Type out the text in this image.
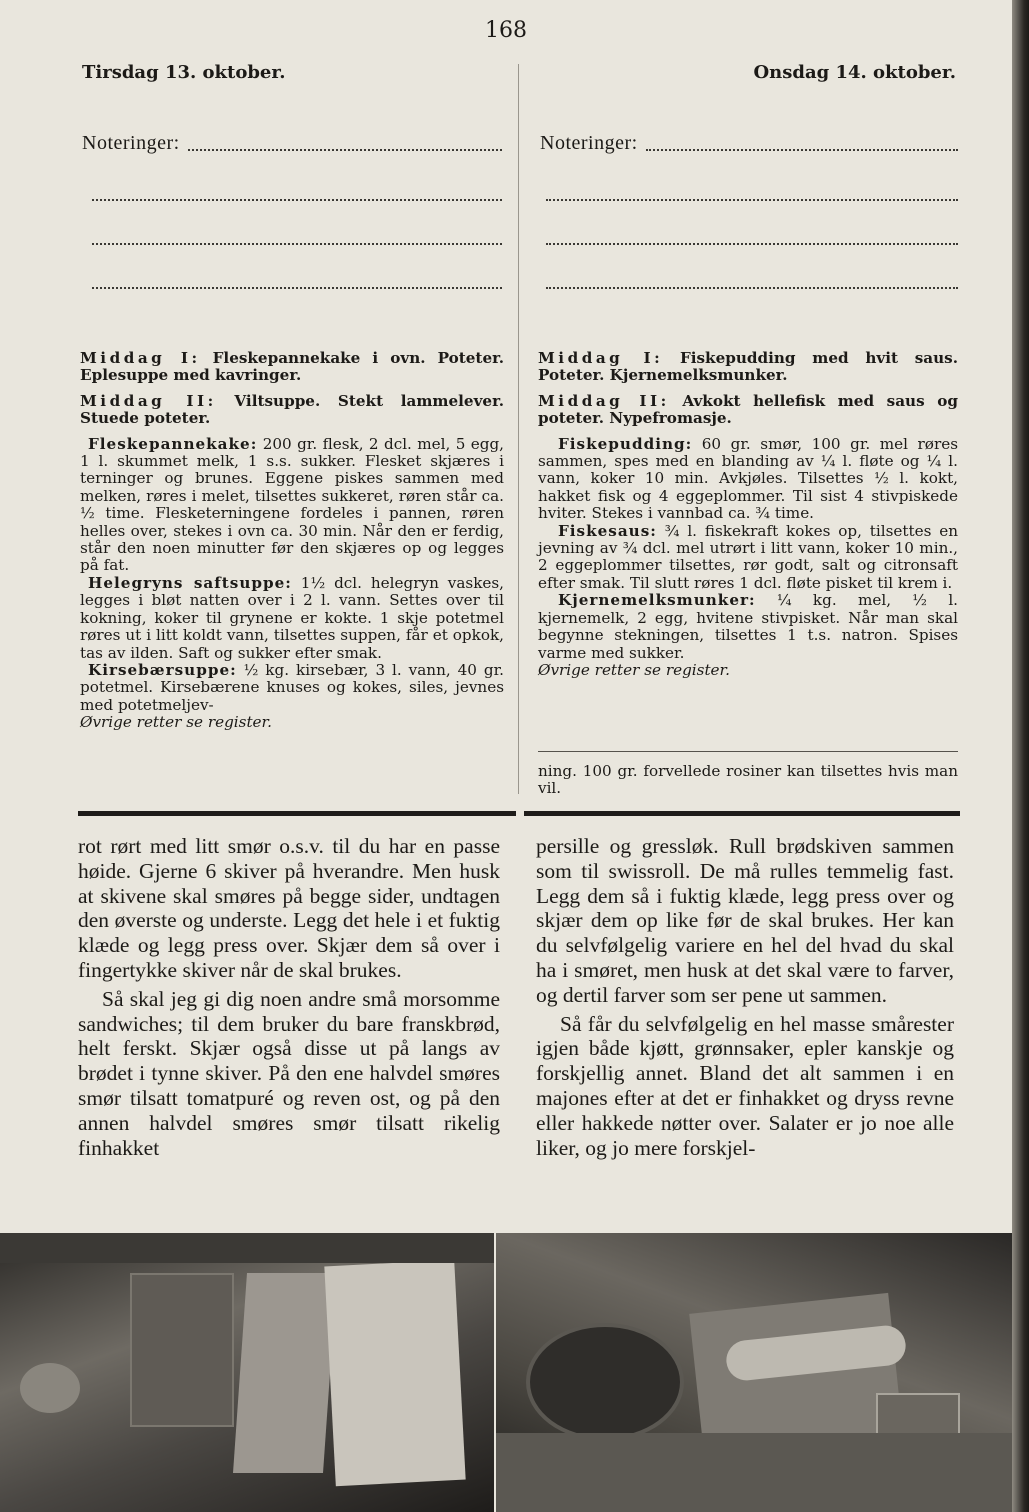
168
Tirsdag 13. oktober.	Onsdag 14. oktober.
Noteringer:	Noteringer:

Middag I: Fleskepannekake i ovn. Poteter. Eplesuppe med kavringer.

Middag II: Viltsuppe. Stekt lammelever. Stuede poteter.

Fleskepannekake: 200 gr. flesk, 2 dcl. mel, 5 egg, 1 l. skummet melk, 1 s.s. sukker. Flesket skjæres i terninger og brunes. Eggene piskes sammen med melken, røres i melet, tilsettes sukkeret, røren står ca. ½ time. Flesketerningene fordeles i pannen, røren helles over, stekes i ovn ca. 30 min. Når den er ferdig, står den noen minutter før den skjæres op og legges på fat.

Helegryns saftsuppe: 1½ dcl. helegryn vaskes, legges i bløt natten over i 2 l. vann. Settes over til kokning, koker til grynene er kokte. 1 skje potetmel røres ut i litt koldt vann, tilsettes suppen, får et opkok, tas av ilden. Saft og sukker efter smak.

Kirsebærsuppe: ½ kg. kirsebær, 3 l. vann, 40 gr. potetmel. Kirsebærene knuses og kokes, siles, jevnes med potetmeljev-

Øvrige retter se register.

Middag I: Fiskepudding med hvit saus. Poteter. Kjernemelksmunker.

Middag II: Avkokt hellefisk med saus og poteter. Nypefromasje.

Fiskepudding: 60 gr. smør, 100 gr. mel røres sammen, spes med en blanding av ¼ l. fløte og ¼ l. vann, koker 10 min. Avkjøles. Tilsettes ½ l. kokt, hakket fisk og 4 eggeplommer. Til sist 4 stivpiskede hviter. Stekes i vannbad ca. ¾ time.

Fiskesaus: ¾ l. fiskekraft kokes op, tilsettes en jevning av ¾ dcl. mel utrørt i litt vann, koker 10 min., 2 eggeplommer tilsettes, rør godt, salt og citronsaft efter smak. Til slutt røres 1 dcl. fløte pisket til krem i.

Kjernemelksmunker: ¼ kg. mel, ½ l. kjernemelk, 2 egg, hvitene stivpisket. Når man skal begynne stekningen, tilsettes 1 t.s. natron. Spises varme med sukker.

Øvrige retter se register.

ning. 100 gr. forvellede rosiner kan tilsettes hvis man vil.

rot rørt med litt smør o.s.v. til du har en passe høide. Gjerne 6 skiver på hverandre. Men husk at skivene skal smøres på begge sider, undtagen den øverste og underste. Legg det hele i et fuktig klæde og legg press over. Skjær dem så over i fingertykke skiver når de skal brukes.

Så skal jeg gi dig noen andre små morsomme sandwiches; til dem bruker du bare franskbrød, helt ferskt. Skjær også disse ut på langs av brødet i tynne skiver. På den ene halvdel smøres smør tilsatt tomatpuré og reven ost, og på den annen halvdel smøres smør tilsatt rikelig finhakket

persille og gressløk. Rull brødskiven sammen som til swissroll. De må rulles temmelig fast. Legg dem så i fuktig klæde, legg press over og skjær dem op like før de skal brukes. Her kan du selvfølgelig variere en hel del hvad du skal ha i smøret, men husk at det skal være to farver, og dertil farver som ser pene ut sammen.

Så får du selvfølgelig en hel masse smårester igjen både kjøtt, grønnsaker, epler kanskje og forskjellig annet. Bland det alt sammen i en majones efter at det er finhakket og dryss revne eller hakkede nøtter over. Salater er jo noe alle liker, og jo mere forskjel-
